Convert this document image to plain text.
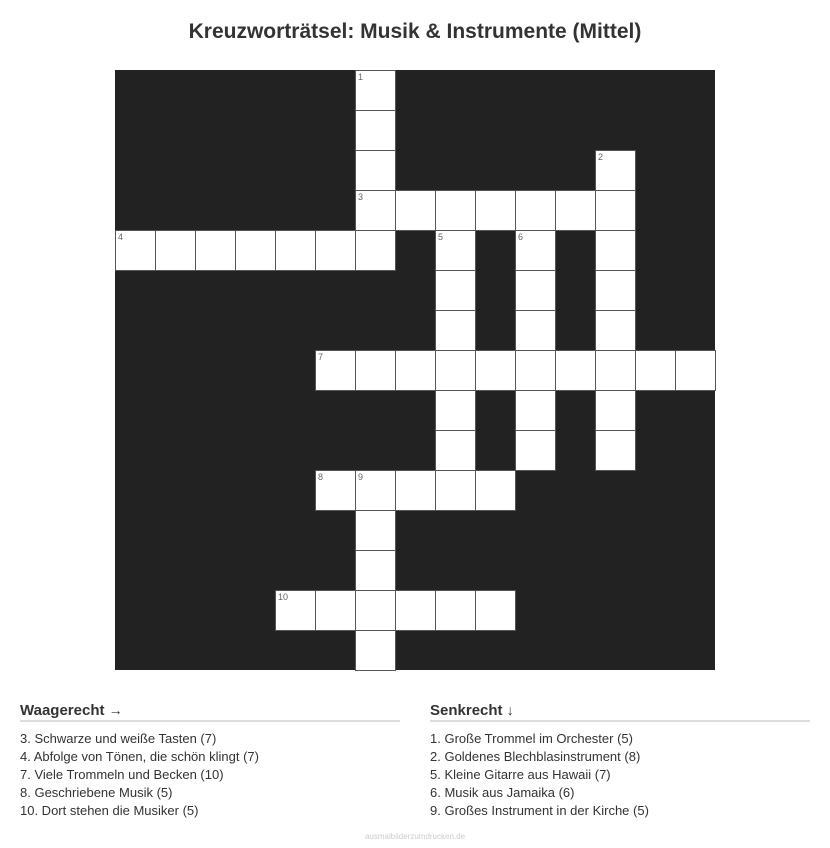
Kreuzworträtsel: Musik & Instrumente (Mittel)
1
2
3
4	5	6
7
8	9
10
Waagerecht →
3. Schwarze und weiße Tasten (7)
4. Abfolge von Tönen, die schön klingt (7)
7. Viele Trommeln und Becken (10)
8. Geschriebene Musik (5)
10. Dort stehen die Musiker (5)
Senkrecht ↓
1. Große Trommel im Orchester (5)
2. Goldenes Blechblasinstrument (8)
5. Kleine Gitarre aus Hawaii (7)
6. Musik aus Jamaika (6)
9. Großes Instrument in der Kirche (5)
ausmalbilderzumdrucken.de
